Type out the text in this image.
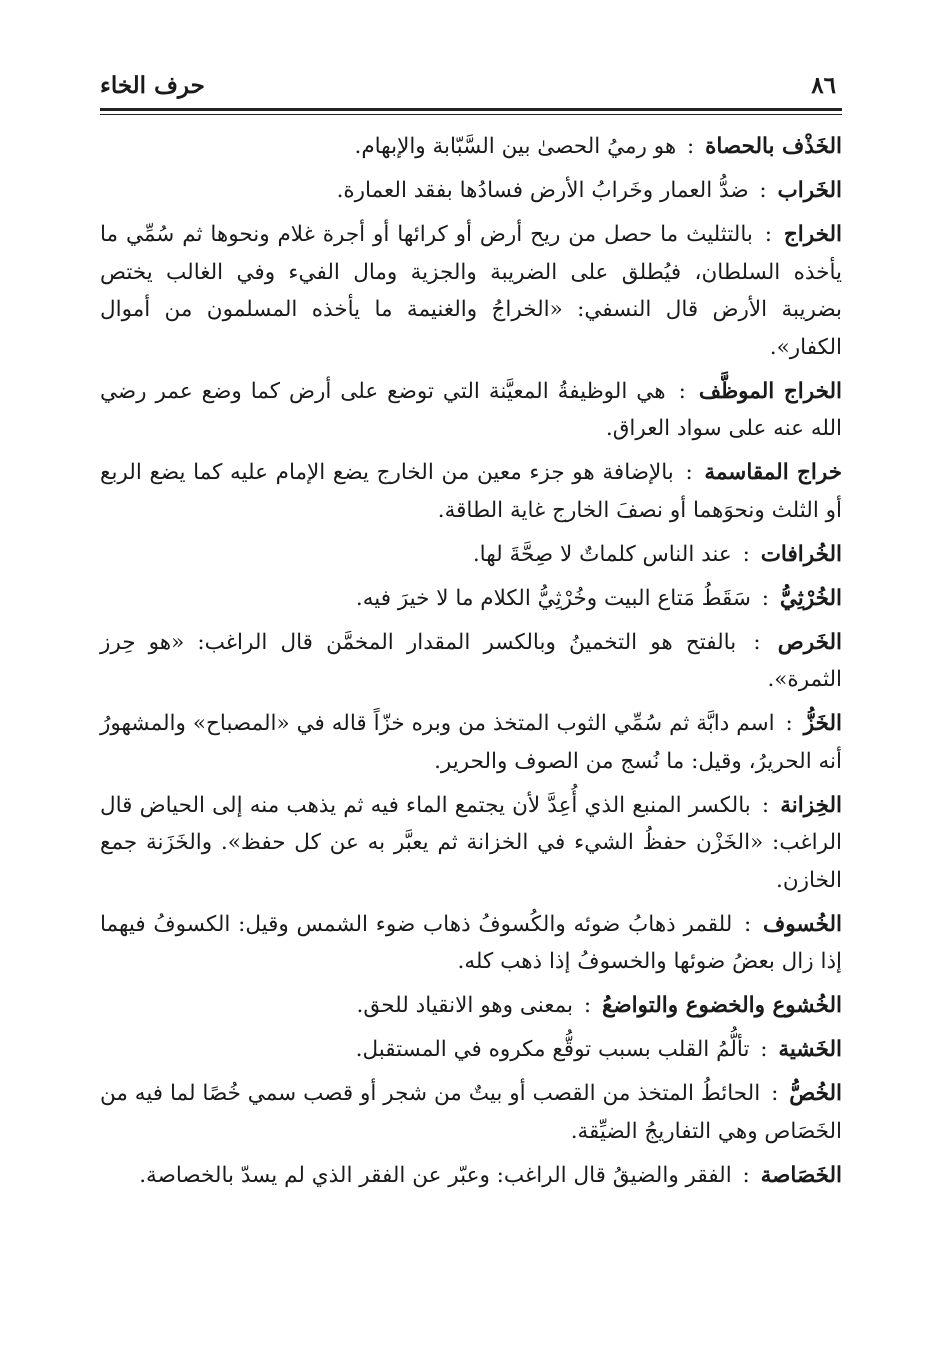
٨٦
حرف الخاء

الخَذْف بالحصاة : هو رميُ الحصىٰ بين السَّبّابة والإبهام.

الخَراب : ضدُّ العمار وخَرابُ الأرض فسادُها بفقد العمارة.

الخراج : بالتثليث ما حصل من ريح أرض أو كرائها أو أجرة غلام ونحوها ثم سُمِّي ما يأخذه السلطان، فيُطلق على الضريبة والجزية ومال الفيء وفي الغالب يختص بضريبة الأرض قال النسفي: «الخراجُ والغنيمة ما يأخذه المسلمون من أموال الكفار».

الخراج الموظَّف : هي الوظيفةُ المعيَّنة التي توضع على أرض كما وضع عمر رضي الله عنه على سواد العراق.

خراج المقاسمة : بالإضافة هو جزء معين من الخارج يضع الإمام عليه كما يضع الربع أو الثلث ونحوَهما أو نصفَ الخارج غاية الطاقة.

الخُرافات : عند الناس كلماتٌ لا صِحَّةَ لها.

الخُرْثِيُّ : سَقَطُ مَتاع البيت وخُرْثِيُّ الكلام ما لا خيرَ فيه.

الخَرص : بالفتح هو التخمينُ وبالكسر المقدار المخمَّن قال الراغب: «هو حِرز الثمرة».

الخَزُّ : اسم دابَّة ثم سُمِّي الثوب المتخذ من وبره خزّاً قاله في «المصباح» والمشهورُ أنه الحريرُ، وقيل: ما نُسج من الصوف والحرير.

الخِزانة : بالكسر المنبع الذي أُعِدَّ لأن يجتمع الماء فيه ثم يذهب منه إلى الحياض قال الراغب: «الخَزْن حفظُ الشيء في الخزانة ثم يعبَّر به عن كل حفظ». والخَزَنة جمع الخازن.

الخُسوف : للقمر ذهابُ ضوئه والكُسوفُ ذهاب ضوء الشمس وقيل: الكسوفُ فيهما إذا زال بعضُ ضوئها والخسوفُ إذا ذهب كله.

الخُشوع والخضوع والتواضعُ : بمعنى وهو الانقياد للحق.

الخَشية : تألُّمُ القلب بسبب توقُّع مكروه في المستقبل.

الخُصُّ : الحائطُ المتخذ من القصب أو بيتٌ من شجر أو قصب سمي خُصًا لما فيه من الخَصَاص وهي التفاريجُ الضيِّقة.

الخَصَاصة : الفقر والضيقُ قال الراغب: وعبّر عن الفقر الذي لم يسدّ بالخصاصة.
